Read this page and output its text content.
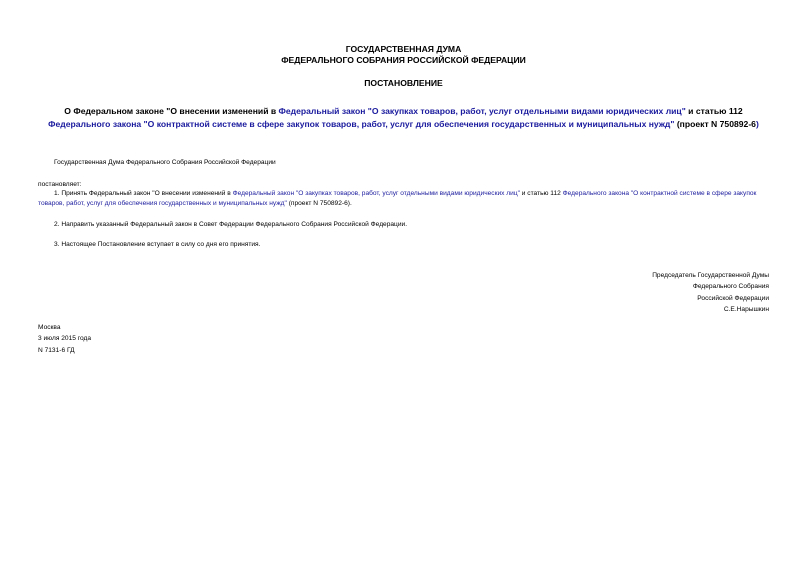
ГОСУДАРСТВЕННАЯ ДУМА
ФЕДЕРАЛЬНОГО СОБРАНИЯ РОССИЙСКОЙ ФЕДЕРАЦИИ
ПОСТАНОВЛЕНИЕ
О Федеральном законе "О внесении изменений в Федеральный закон "О закупках товаров, работ, услуг отдельными видами юридических лиц" и статью 112 Федерального закона "О контрактной системе в сфере закупок товаров, работ, услуг для обеспечения государственных и муниципальных нужд" (проект N 750892-6)
Государственная Дума Федерального Собрания Российской Федерации
постановляет:
1. Принять Федеральный закон "О внесении изменений в Федеральный закон "О закупках товаров, работ, услуг отдельными видами юридических лиц" и статью 112 Федерального закона "О контрактной системе в сфере закупок товаров, работ, услуг для обеспечения государственных и муниципальных нужд" (проект N 750892-6).
2. Направить указанный Федеральный закон в Совет Федерации Федерального Собрания Российской Федерации.
3. Настоящее Постановление вступает в силу со дня его принятия.
Председатель Государственной Думы
Федерального Собрания
Российской Федерации
С.Е.Нарышкин
Москва
3 июля 2015 года
N 7131-6 ГД
